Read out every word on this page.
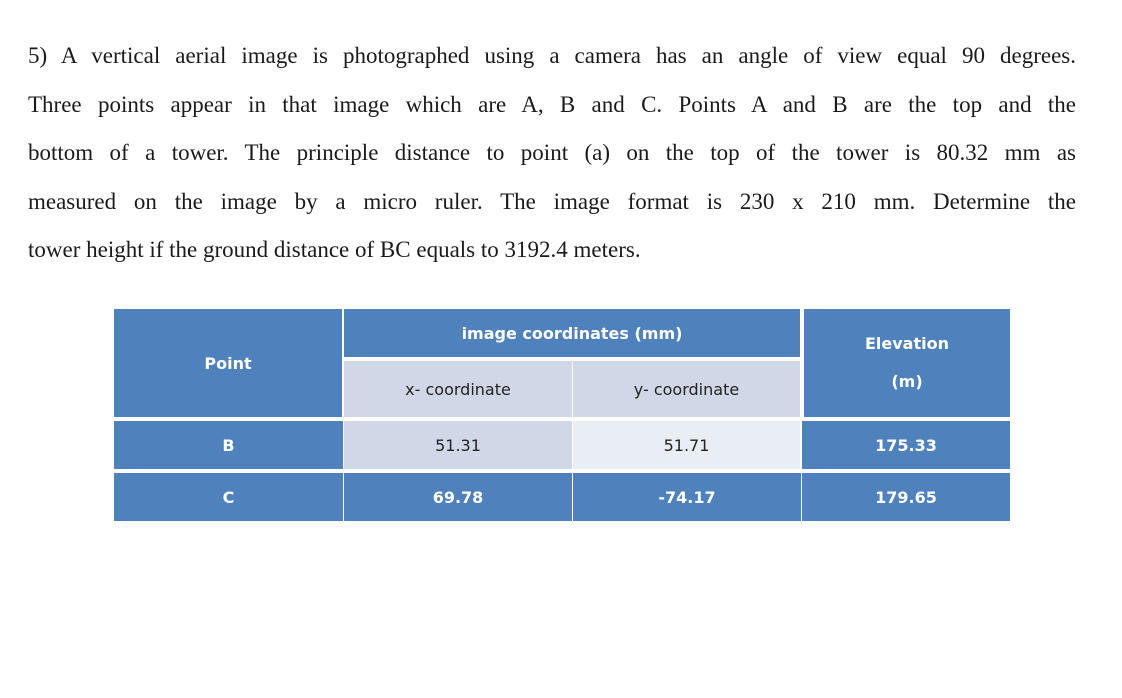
5) A vertical aerial image is photographed using a camera has an angle of view equal 90 degrees.
Three points appear in that image which are A, B and C. Points A and B are the top and the
bottom of a tower. The principle distance to point (a) on the top of the tower is 80.32 mm as
measured on the image by a micro ruler. The image format is 230 x 210 mm. Determine the
tower height if the ground distance of BC equals to 3192.4 meters.
Point	image coordinates (mm)		Elevation
(m)

	x- coordinate	y- coordinate	

B	51.31	51.71	175.33

C	69.78	-74.17	179.65
